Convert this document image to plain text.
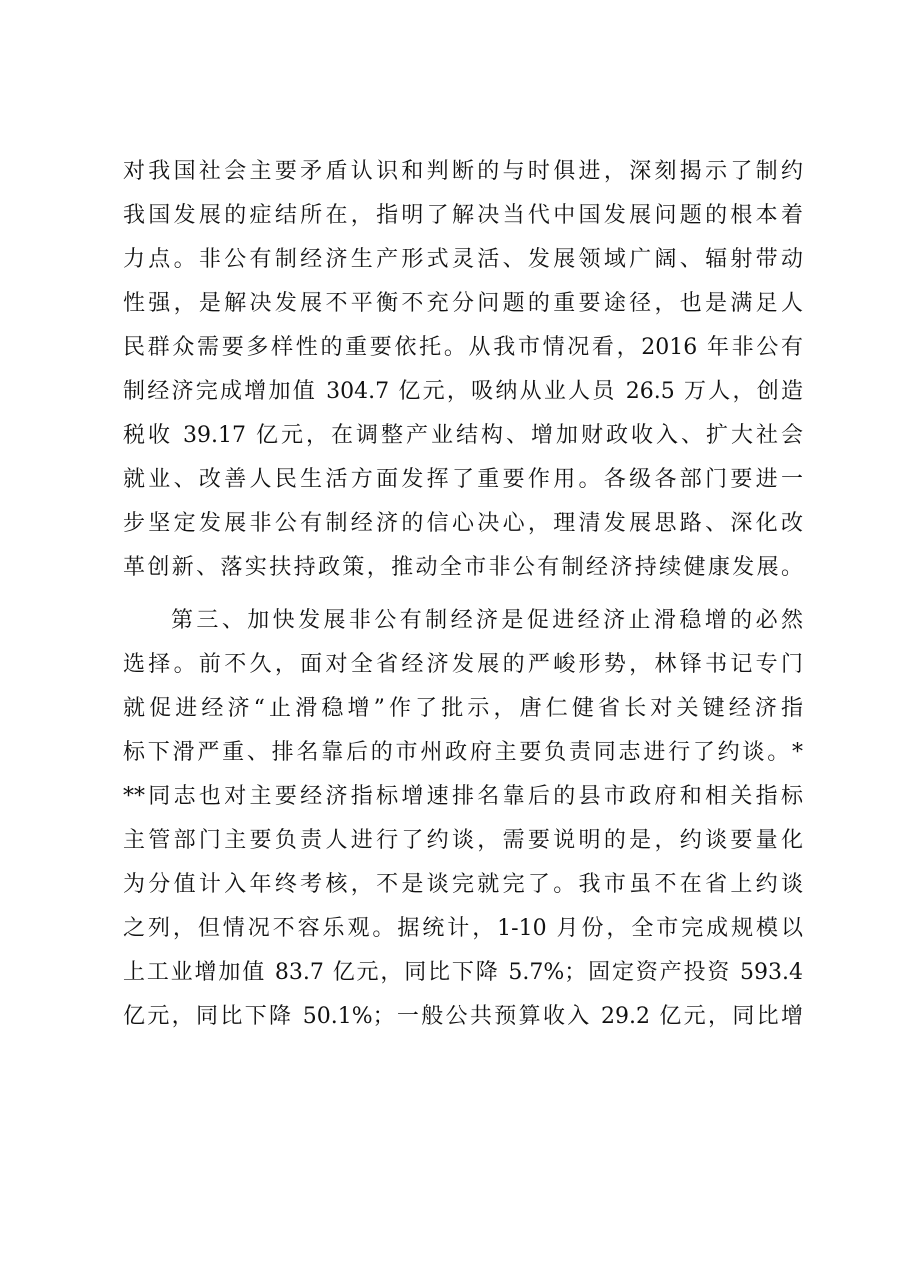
对我国社会主要矛盾认识和判断的与时俱进，深刻揭示了制约
我国发展的症结所在，指明了解决当代中国发展问题的根本着
力点。非公有制经济生产形式灵活、发展领域广阔、辐射带动
性强，是解决发展不平衡不充分问题的重要途径，也是满足人
民群众需要多样性的重要依托。从我市情况看，2016 年非公有
制经济完成增加值 304.7 亿元，吸纳从业人员 26.5 万人，创造
税收 39.17 亿元，在调整产业结构、增加财政收入、扩大社会
就业、改善人民生活方面发挥了重要作用。各级各部门要进一
步坚定发展非公有制经济的信心决心，理清发展思路、深化改
革创新、落实扶持政策，推动全市非公有制经济持续健康发展。
第三、加快发展非公有制经济是促进经济止滑稳增的必然
选择。前不久，面对全省经济发展的严峻形势，林铎书记专门
就促进经济“止滑稳增”作了批示，唐仁健省长对关键经济指
标下滑严重、排名靠后的市州政府主要负责同志进行了约谈。*
**同志也对主要经济指标增速排名靠后的县市政府和相关指标
主管部门主要负责人进行了约谈，需要说明的是，约谈要量化
为分值计入年终考核，不是谈完就完了。我市虽不在省上约谈
之列，但情况不容乐观。据统计，1-10 月份，全市完成规模以
上工业增加值 83.7 亿元，同比下降 5.7%；固定资产投资 593.4
亿元，同比下降 50.1%；一般公共预算收入 29.2 亿元，同比增
